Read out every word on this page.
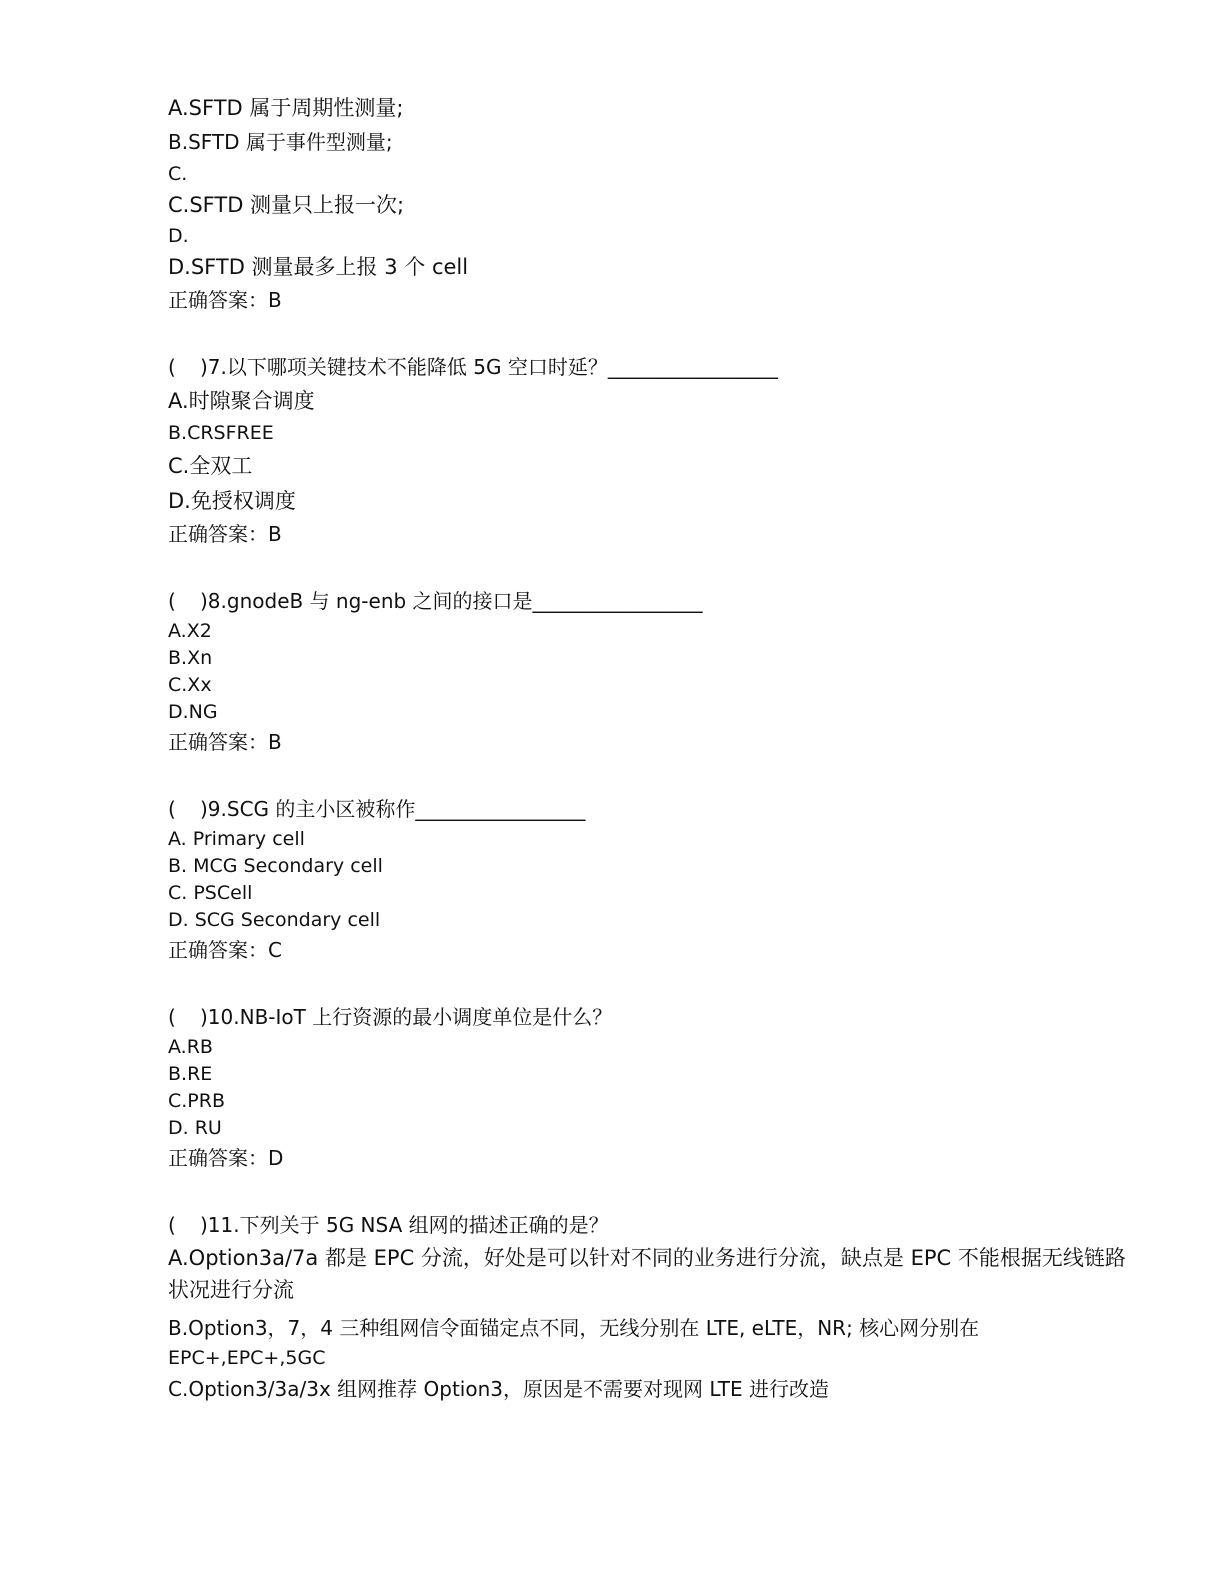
A.SFTD 属于周期性测量;

B.SFTD 属于事件型测量;

C.

C.SFTD 测量只上报一次;

D.

D.SFTD 测量最多上报 3 个 cell

正确答案：B

( )7.以下哪项关键技术不能降低 5G 空口时延？_________________

A.时隙聚合调度

B.CRSFREE

C.全双工

D.免授权调度

正确答案：B

( )8.gnodeB 与 ng-enb 之间的接口是_________________

A.X2

B.Xn

C.Xx

D.NG

正确答案：B

( )9.SCG 的主小区被称作_________________

A. Primary cell

B. MCG Secondary cell

C. PSCell

D. SCG Secondary cell

正确答案：C

( )10.NB-IoT 上行资源的最小调度单位是什么？

A.RB

B.RE

C.PRB

D. RU

正确答案：D

( )11.下列关于 5G NSA 组网的描述正确的是？

A.Option3a/7a 都是 EPC 分流，好处是可以针对不同的业务进行分流，缺点是 EPC 不能根据无线链路状况进行分流

B.Option3，7，4 三种组网信令面锚定点不同，无线分别在 LTE, eLTE，NR; 核心网分别在

EPC+,EPC+,5GC

C.Option3/3a/3x 组网推荐 Option3，原因是不需要对现网 LTE 进行改造
